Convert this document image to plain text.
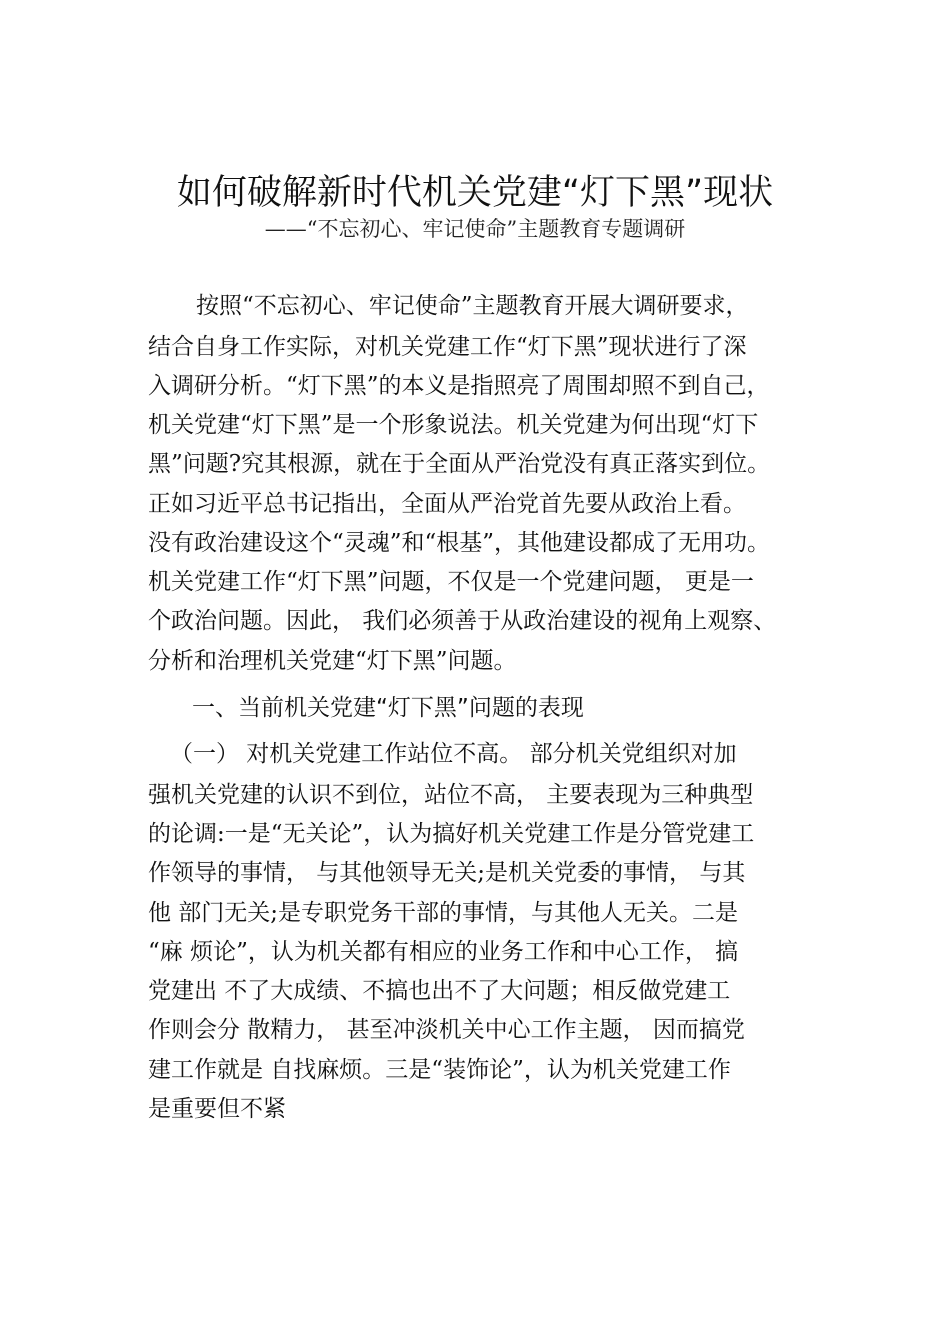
如何破解新时代机关党建“灯下黑”现状
——“不忘初心、牢记使命”主题教育专题调研
按照“不忘初心、牢记使命”主题教育开展大调研要求，
结合自身工作实际，对机关党建工作“灯下黑”现状进行了深
入调研分析。“灯下黑”的本义是指照亮了周围却照不到自己，
机关党建“灯下黑”是一个形象说法。机关党建为何出现“灯下
黑”问题?究其根源，就在于全面从严治党没有真正落实到位。
正如习近平总书记指出，全面从严治党首先要从政治上看。
没有政治建设这个“灵魂”和“根基”，其他建设都成了无用功。
机关党建工作“灯下黑”问题，不仅是一个党建问题， 更是一
个政治问题。因此， 我们必须善于从政治建设的视角上观察、
分析和治理机关党建“灯下黑”问题。
一、当前机关党建“灯下黑”问题的表现
（一） 对机关党建工作站位不高。 部分机关党组织对加
强机关党建的认识不到位，站位不高， 主要表现为三种典型
的论调:一是“无关论”，认为搞好机关党建工作是分管党建工
作领导的事情， 与其他领导无关;是机关党委的事情， 与其
他 部门无关;是专职党务干部的事情，与其他人无关。二是
“麻 烦论”，认为机关都有相应的业务工作和中心工作， 搞
党建出 不了大成绩、不搞也出不了大问题；相反做党建工
作则会分 散精力， 甚至冲淡机关中心工作主题， 因而搞党
建工作就是 自找麻烦。三是“装饰论”，认为机关党建工作
是重要但不紧
